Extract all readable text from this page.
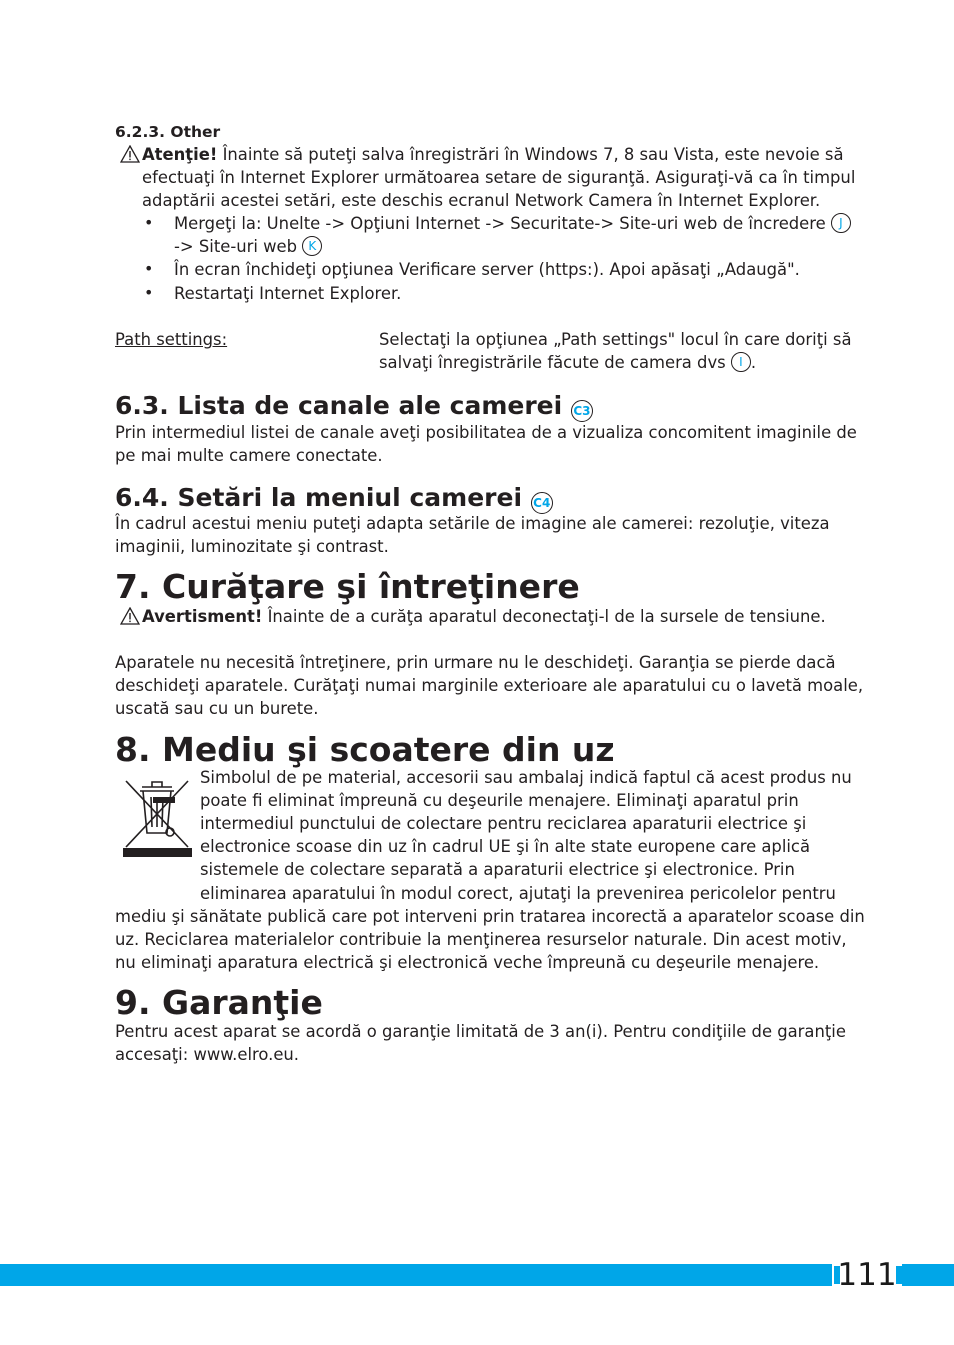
6.2.3. Other
Atenţie! Înainte să puteţi salva înregistrări în Windows 7, 8 sau Vista, este nevoie să
efectuaţi în Internet Explorer următoarea setare de siguranţă. Asiguraţi-vă ca în timpul
adaptării acestei setări, este deschis ecranul Network Camera în Internet Explorer.
• Mergeţi la: Unelte -> Opţiuni Internet -> Securitate-> Site-uri web de încredere J
-> Site-uri web K
• În ecran închideţi opţiunea Verificare server (https:). Apoi apăsaţi „Adaugă".
• Restartaţi Internet Explorer.
Path settings:	Selectaţi la opţiunea „Path settings" locul în care doriţi să
salvaţi înregistrările făcute de camera dvs I .
6.3. Lista de canale ale camerei C3
Prin intermediul listei de canale aveţi posibilitatea de a vizualiza concomitent imaginile de
pe mai multe camere conectate.
6.4. Setări la meniul camerei C4
În cadrul acestui meniu puteţi adapta setările de imagine ale camerei: rezoluţie, viteza
imaginii, luminozitate şi contrast.
7. Curăţare şi întreţinere
Avertisment! Înainte de a curăţa aparatul deconectaţi-l de la sursele de tensiune.
Aparatele nu necesită întreţinere, prin urmare nu le deschideţi. Garanţia se pierde dacă
deschideţi aparatele. Curăţaţi numai marginile exterioare ale aparatului cu o lavetă moale,
uscată sau cu un burete.
8. Mediu şi scoatere din uz
Simbolul de pe material, accesorii sau ambalaj indică faptul că acest produs nu
poate fi eliminat împreună cu deşeurile menajere. Eliminaţi aparatul prin
intermediul punctului de colectare pentru reciclarea aparaturii electrice şi
electronice scoase din uz în cadrul UE şi în alte state europene care aplică
sistemele de colectare separată a aparaturii electrice şi electronice. Prin
eliminarea aparatului în modul corect, ajutaţi la prevenirea pericolelor pentru
mediu şi sănătate publică care pot interveni prin tratarea incorectă a aparatelor scoase din
uz. Reciclarea materialelor contribuie la menţinerea resurselor naturale. Din acest motiv,
nu eliminaţi aparatura electrică şi electronică veche împreună cu deşeurile menajere.
9. Garanţie
Pentru acest aparat se acordă o garanţie limitată de 3 an(i). Pentru condiţiile de garanţie
accesaţi: www.elro.eu.
111
